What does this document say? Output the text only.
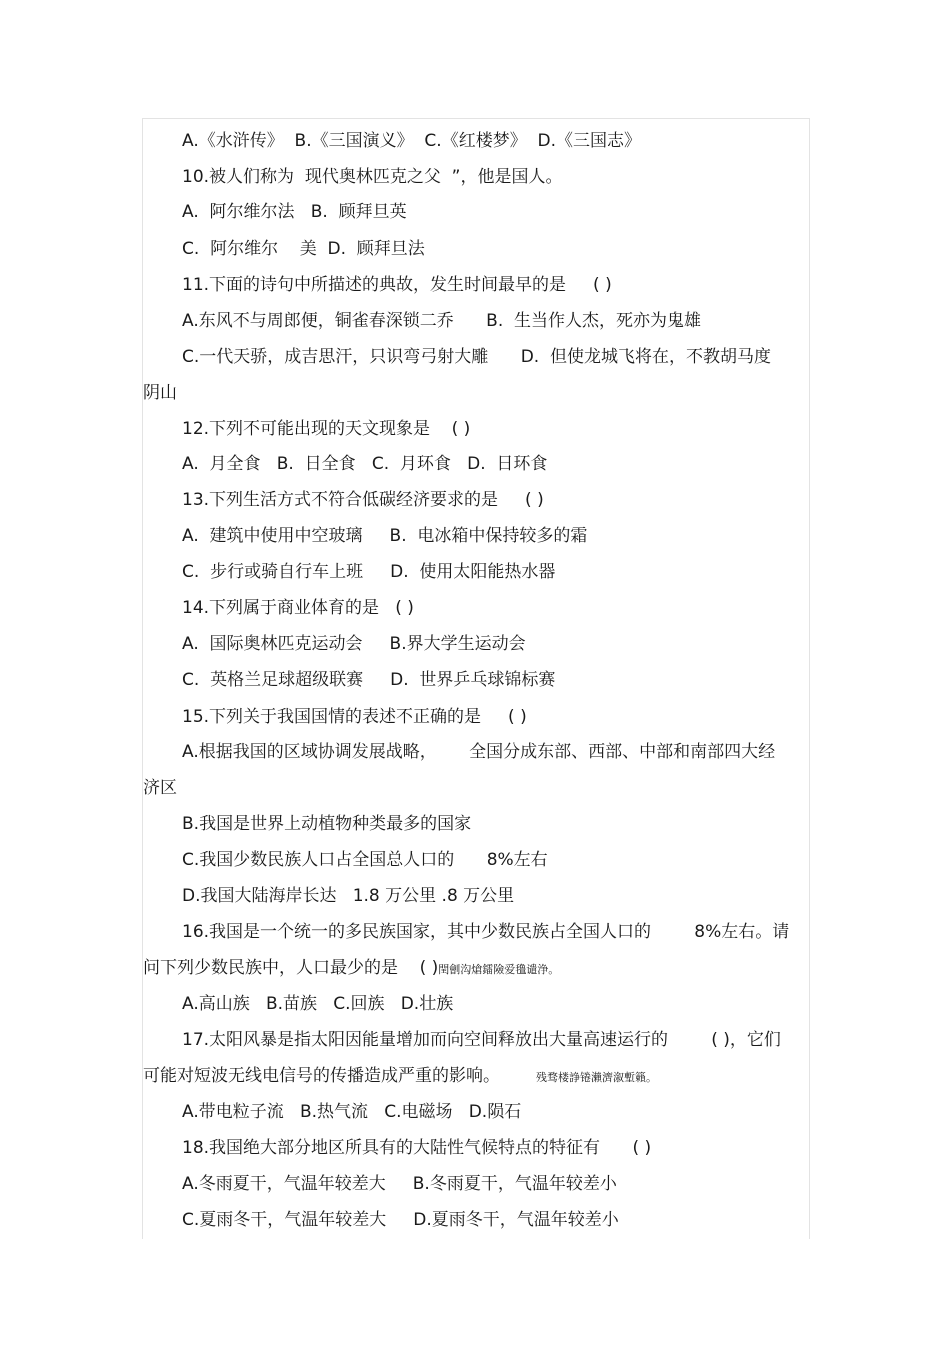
A.《水浒传》  B.《三国演义》  C.《红楼梦》  D.《三国志》
10.被人们称为  现代奥林匹克之父  ”，他是国人。
A.  阿尔维尔法   B.  顾拜旦英
C.  阿尔维尔    美  D.  顾拜旦法
11.下面的诗句中所描述的典故，发生时间最早的是     ( )
A.东风不与周郎便，铜雀春深锁二乔      B.  生当作人杰，死亦为鬼雄
C.一代天骄，成吉思汗，只识弯弓射大雕      D.  但使龙城飞将在，不教胡马度
阴山
12.下列不可能出现的天文现象是    ( )
A.  月全食   B.  日全食   C.  月环食   D.  日环食
13.下列生活方式不符合低碳经济要求的是     ( )
A.  建筑中使用中空玻璃     B.  电冰箱中保持较多的霜
C.  步行或骑自行车上班     D.  使用太阳能热水器
14.下列属于商业体育的是   ( )
A.  国际奥林匹克运动会     B.界大学生运动会
C.  英格兰足球超级联赛     D.  世界乒乓球锦标赛
15.下列关于我国国情的表述不正确的是     ( )
A.根据我国的区域协调发展战略，      全国分成东部、西部、中部和南部四大经
济区
B.我国是世界上动植物种类最多的国家
C.我国少数民族人口占全国总人口的      8%左右
D.我国大陆海岸长达   1.8 万公里 .8 万公里
16.我国是一个统一的多民族国家，其中少数民族占全国人口的        8%左右。请
问下列少数民族中，人口最少的是    ( )閏劊沟熗鐳險爱氇谴浄。
A.高山族   B.苗族   C.回族   D.壮族
17.太阳风暴是指太阳因能量增加而向空间释放出大量高速运行的        ( )，它们
可能对短波无线电信号的传播造成严重的影响。	残骛楼諍锩瀨濟溆塹籟。
A.带电粒子流   B.热气流   C.电磁场   D.陨石
18.我国绝大部分地区所具有的大陆性气候特点的特征有      ( )
A.冬雨夏干，气温年较差大     B.冬雨夏干，气温年较差小
C.夏雨冬干，气温年较差大     D.夏雨冬干，气温年较差小
